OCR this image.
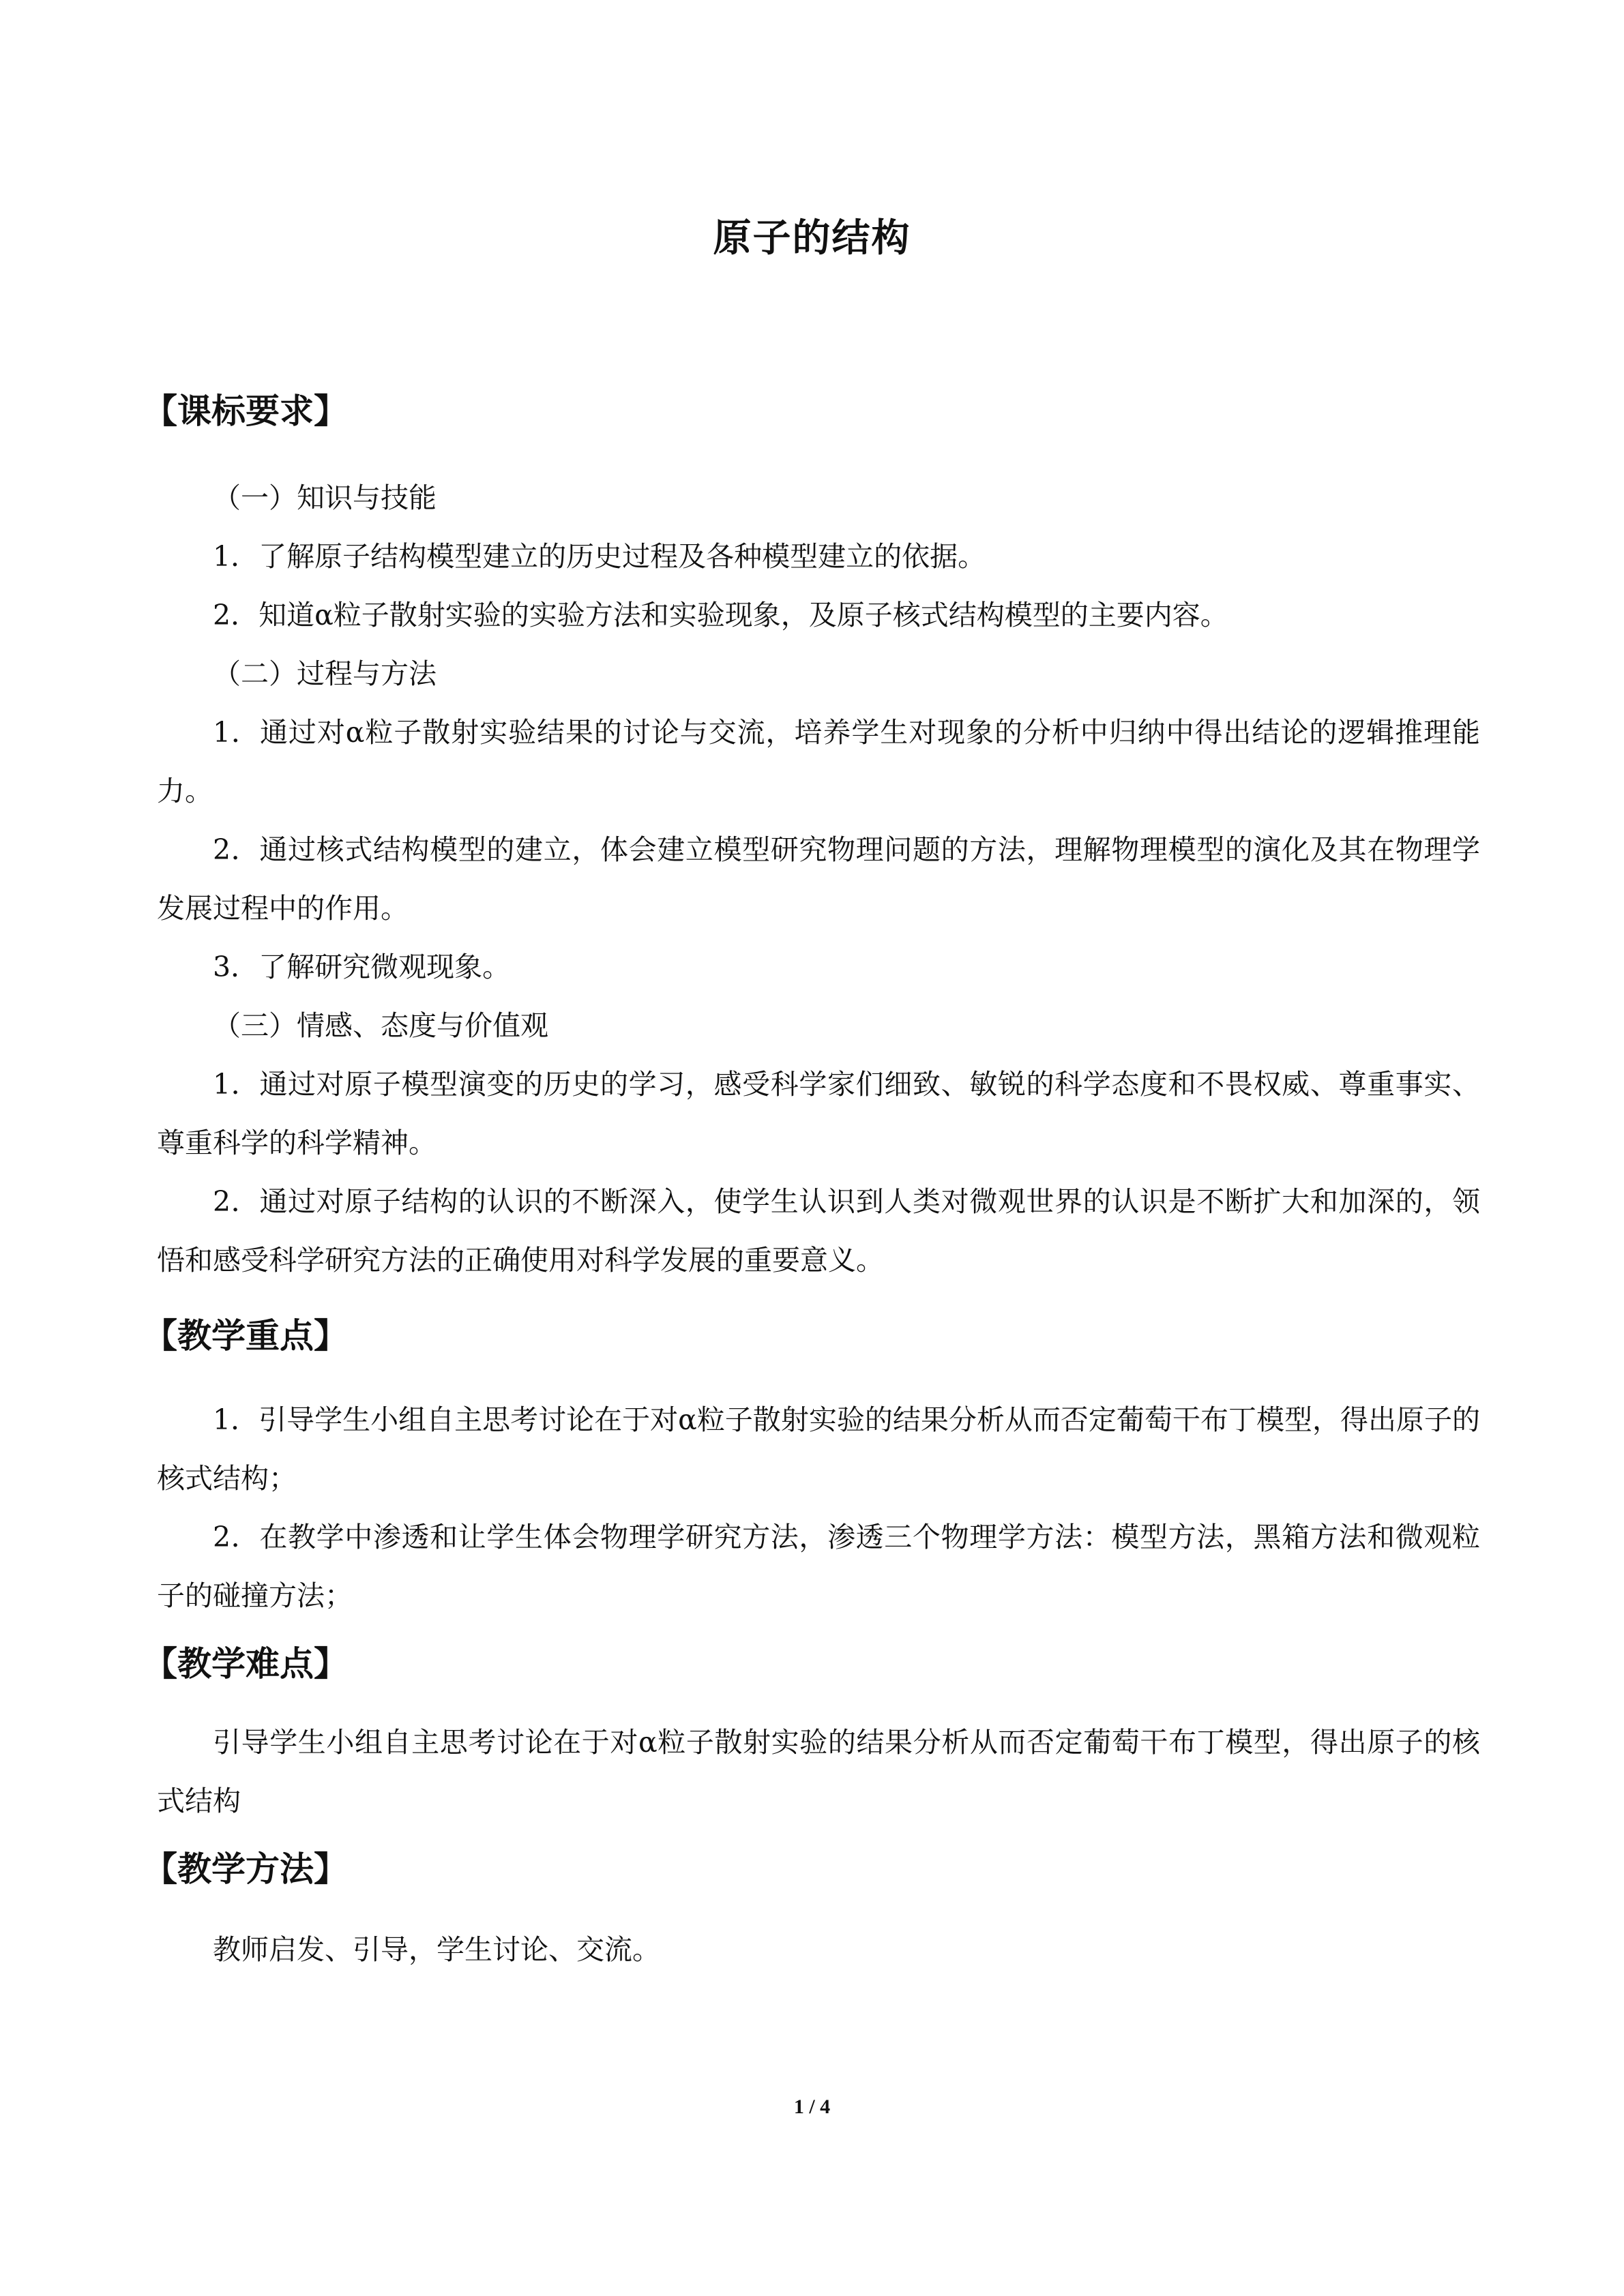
原子的结构
【课标要求】
（一）知识与技能
1．了解原子结构模型建立的历史过程及各种模型建立的依据。
2．知道α粒子散射实验的实验方法和实验现象，及原子核式结构模型的主要内容。
（二）过程与方法

1．通过对α粒子散射实验结果的讨论与交流，培养学生对现象的分析中归纳中得出结论的逻辑推理能力。

2．通过核式结构模型的建立，体会建立模型研究物理问题的方法，理解物理模型的演化及其在物理学发展过程中的作用。

3．了解研究微观现象。
（三）情感、态度与价值观

1．通过对原子模型演变的历史的学习，感受科学家们细致、敏锐的科学态度和不畏权威、尊重事实、尊重科学的科学精神。

2．通过对原子结构的认识的不断深入，使学生认识到人类对微观世界的认识是不断扩大和加深的，领悟和感受科学研究方法的正确使用对科学发展的重要意义。

【教学重点】

1．引导学生小组自主思考讨论在于对α粒子散射实验的结果分析从而否定葡萄干布丁模型，得出原子的核式结构；

2．在教学中渗透和让学生体会物理学研究方法，渗透三个物理学方法：模型方法，黑箱方法和微观粒子的碰撞方法；

【教学难点】

引导学生小组自主思考讨论在于对α粒子散射实验的结果分析从而否定葡萄干布丁模型，得出原子的核式结构

【教学方法】

教师启发、引导，学生讨论、交流。

1 / 4
